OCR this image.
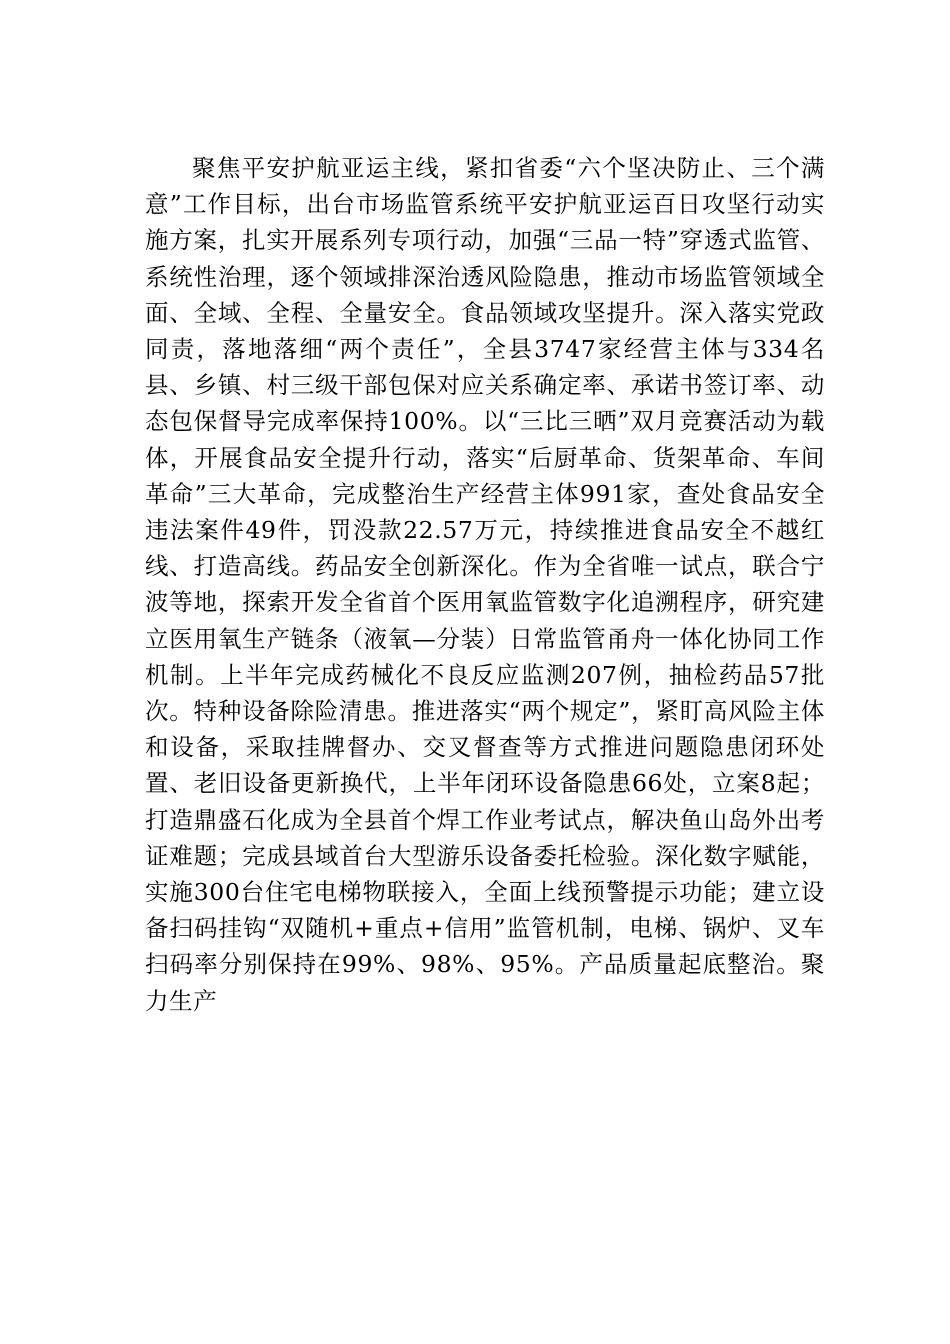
聚焦平安护航亚运主线，紧扣省委“六个坚决防止、三个满意”工作目标，出台市场监管系统平安护航亚运百日攻坚行动实施方案，扎实开展系列专项行动，加强“三品一特”穿透式监管、系统性治理，逐个领域排深治透风险隐患，推动市场监管领域全面、全域、全程、全量安全。食品领域攻坚提升。深入落实党政同责，落地落细“两个责任”，全县3747家经营主体与334名县、乡镇、村三级干部包保对应关系确定率、承诺书签订率、动态包保督导完成率保持100%。以“三比三晒”双月竞赛活动为载体，开展食品安全提升行动，落实“后厨革命、货架革命、车间革命”三大革命，完成整治生产经营主体991家，查处食品安全违法案件49件，罚没款22.57万元，持续推进食品安全不越红线、打造高线。药品安全创新深化。作为全省唯一试点，联合宁波等地，探索开发全省首个医用氧监管数字化追溯程序，研究建立医用氧生产链条（液氧—分装）日常监管甬舟一体化协同工作机制。上半年完成药械化不良反应监测207例，抽检药品57批次。特种设备除险清患。推进落实“两个规定”，紧盯高风险主体和设备，采取挂牌督办、交叉督查等方式推进问题隐患闭环处置、老旧设备更新换代，上半年闭环设备隐患66处，立案8起；打造鼎盛石化成为全县首个焊工作业考试点，解决鱼山岛外出考证难题；完成县域首台大型游乐设备委托检验。深化数字赋能，实施300台住宅电梯物联接入，全面上线预警提示功能；建立设备扫码挂钩“双随机+重点+信用”监管机制，电梯、锅炉、叉车扫码率分别保持在99%、98%、95%。产品质量起底整治。聚力生产
